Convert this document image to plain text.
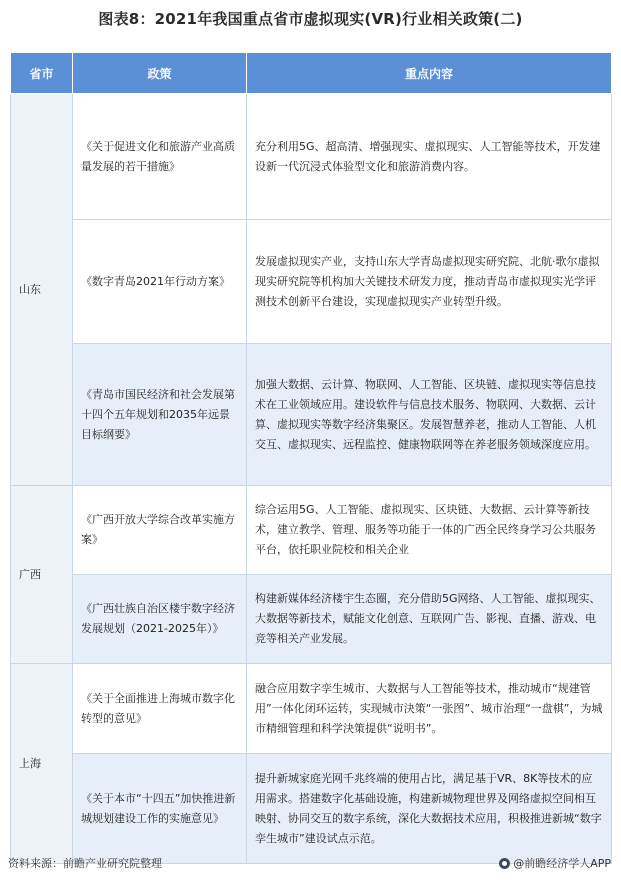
图表8：2021年我国重点省市虚拟现实(VR)行业相关政策(二)
省市	政策	重点内容
山东	《关于促进文化和旅游产业高质量发展的若干措施》	充分利用5G、超高清、增强现实、虚拟现实、人工智能等技术，开发建设新一代沉浸式体验型文化和旅游消费内容。
	《数字青岛2021年行动方案》	发展虚拟现实产业，支持山东大学青岛虚拟现实研究院、北航·歌尔虚拟现实研究院等机构加大关键技术研发力度，推动青岛市虚拟现实光学评测技术创新平台建设，实现虚拟现实产业转型升级。
	《青岛市国民经济和社会发展第十四个五年规划和2035年远景目标纲要》	加强大数据、云计算、物联网、人工智能、区块链、虚拟现实等信息技术在工业领域应用。建设软件与信息技术服务、物联网、大数据、云计算、虚拟现实等数字经济集聚区。发展智慧养老，推动人工智能、人机交互、虚拟现实、远程监控、健康物联网等在养老服务领域深度应用。
广西	《广西开放大学综合改革实施方案》	综合运用5G、人工智能、虚拟现实、区块链、大数据、云计算等新技术，建立教学、管理、服务等功能于一体的广西全民终身学习公共服务平台，依托职业院校和相关企业
	《广西壮族自治区楼宇数字经济发展规划（2021-2025年）》	构建新媒体经济楼宇生态圈，充分借助5G网络、人工智能、虚拟现实、大数据等新技术，赋能文化创意、互联网广告、影视、直播、游戏、电竞等相关产业发展。
上海	《关于全面推进上海城市数字化转型的意见》	融合应用数字孪生城市、大数据与人工智能等技术，推动城市“规建管用”一体化闭环运转，实现城市決策“一张图”、城市治理“一盘棋”，为城市精细管理和科学決策提供“说明书”。
	《关于本市“十四五”加快推进新城规划建设工作的实施意见》	提升新城家庭光网千兆终端的使用占比，满足基于VR、8K等技术的应用需求。搭建数字化基础设施，构建新城物理世界及网络虚拟空间相互映射、协同交互的数字系统，深化大数据技术应用，积极推进新城“数字孪生城市”建设试点示范。
资料来源：前瞻产业研究院整理	@前瞻经济学人APP
